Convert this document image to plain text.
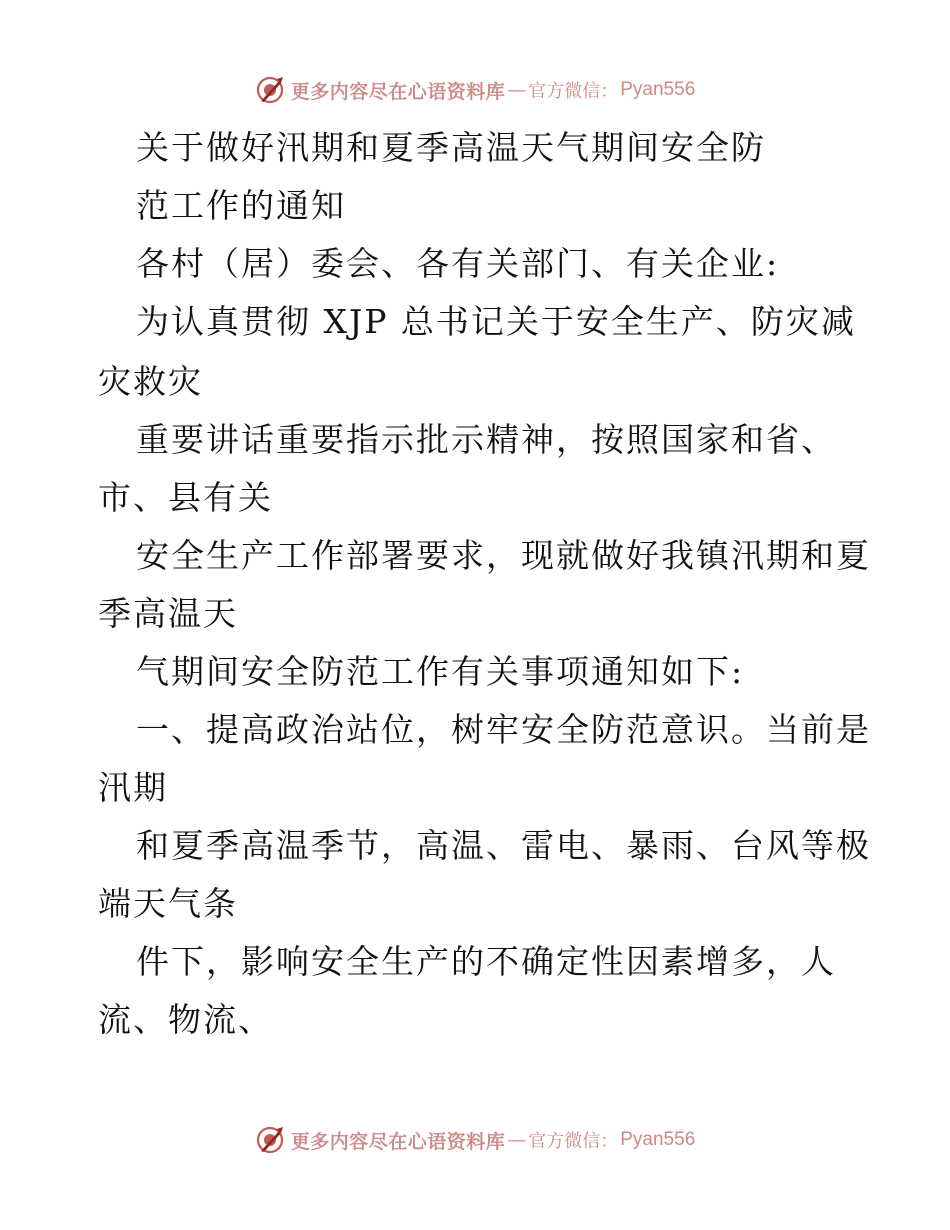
更多内容尽在心语资料库 — 官方微信： Pyan556
关于做好汛期和夏季高温天气期间安全防
范工作的通知
各村（居）委会、各有关部门、有关企业:
为认真贯彻 XJP 总书记关于安全生产、防灾减
灾救灾
重要讲话重要指示批示精神，按照国家和省、
市、县有关
安全生产工作部署要求，现就做好我镇汛期和夏
季高温天
气期间安全防范工作有关事项通知如下:
一、提高政治站位，树牢安全防范意识。当前是
汛期
和夏季高温季节，高温、雷电、暴雨、台风等极
端天气条
件下，影响安全生产的不确定性因素增多，人
流、物流、
更多内容尽在心语资料库 — 官方微信： Pyan556
